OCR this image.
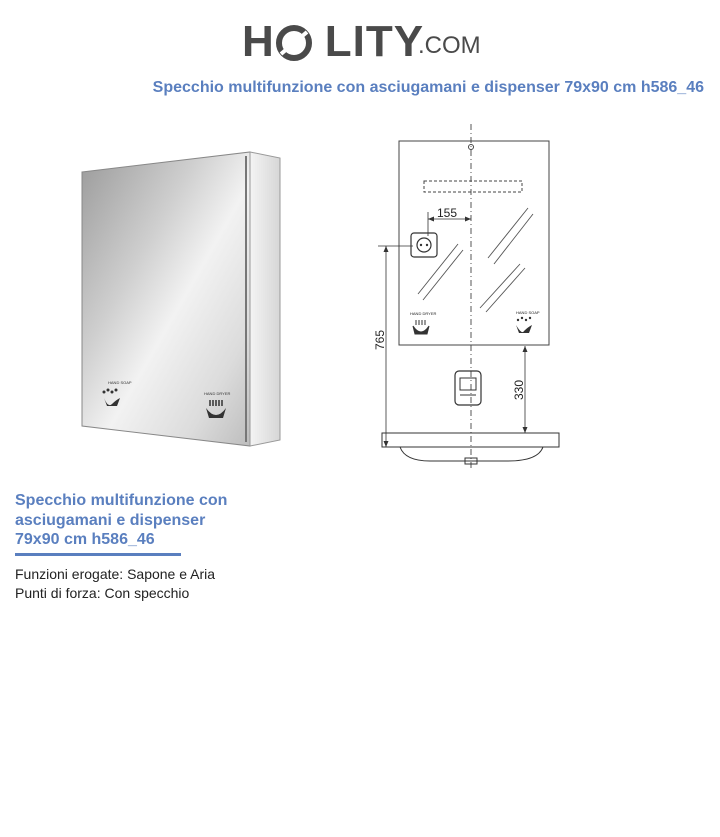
H LITY
.COM
Specchio multifunzione con asciugamani e dispenser 79x90 cm h586_46
HAND SOAP
HAND DRYER
155
HAND DRYER	HAND SOAP
765
330
Specchio multifunzione con
asciugamani e dispenser
79x90 cm h586_46
Funzioni erogate: Sapone e Aria
Punti di forza: Con specchio
